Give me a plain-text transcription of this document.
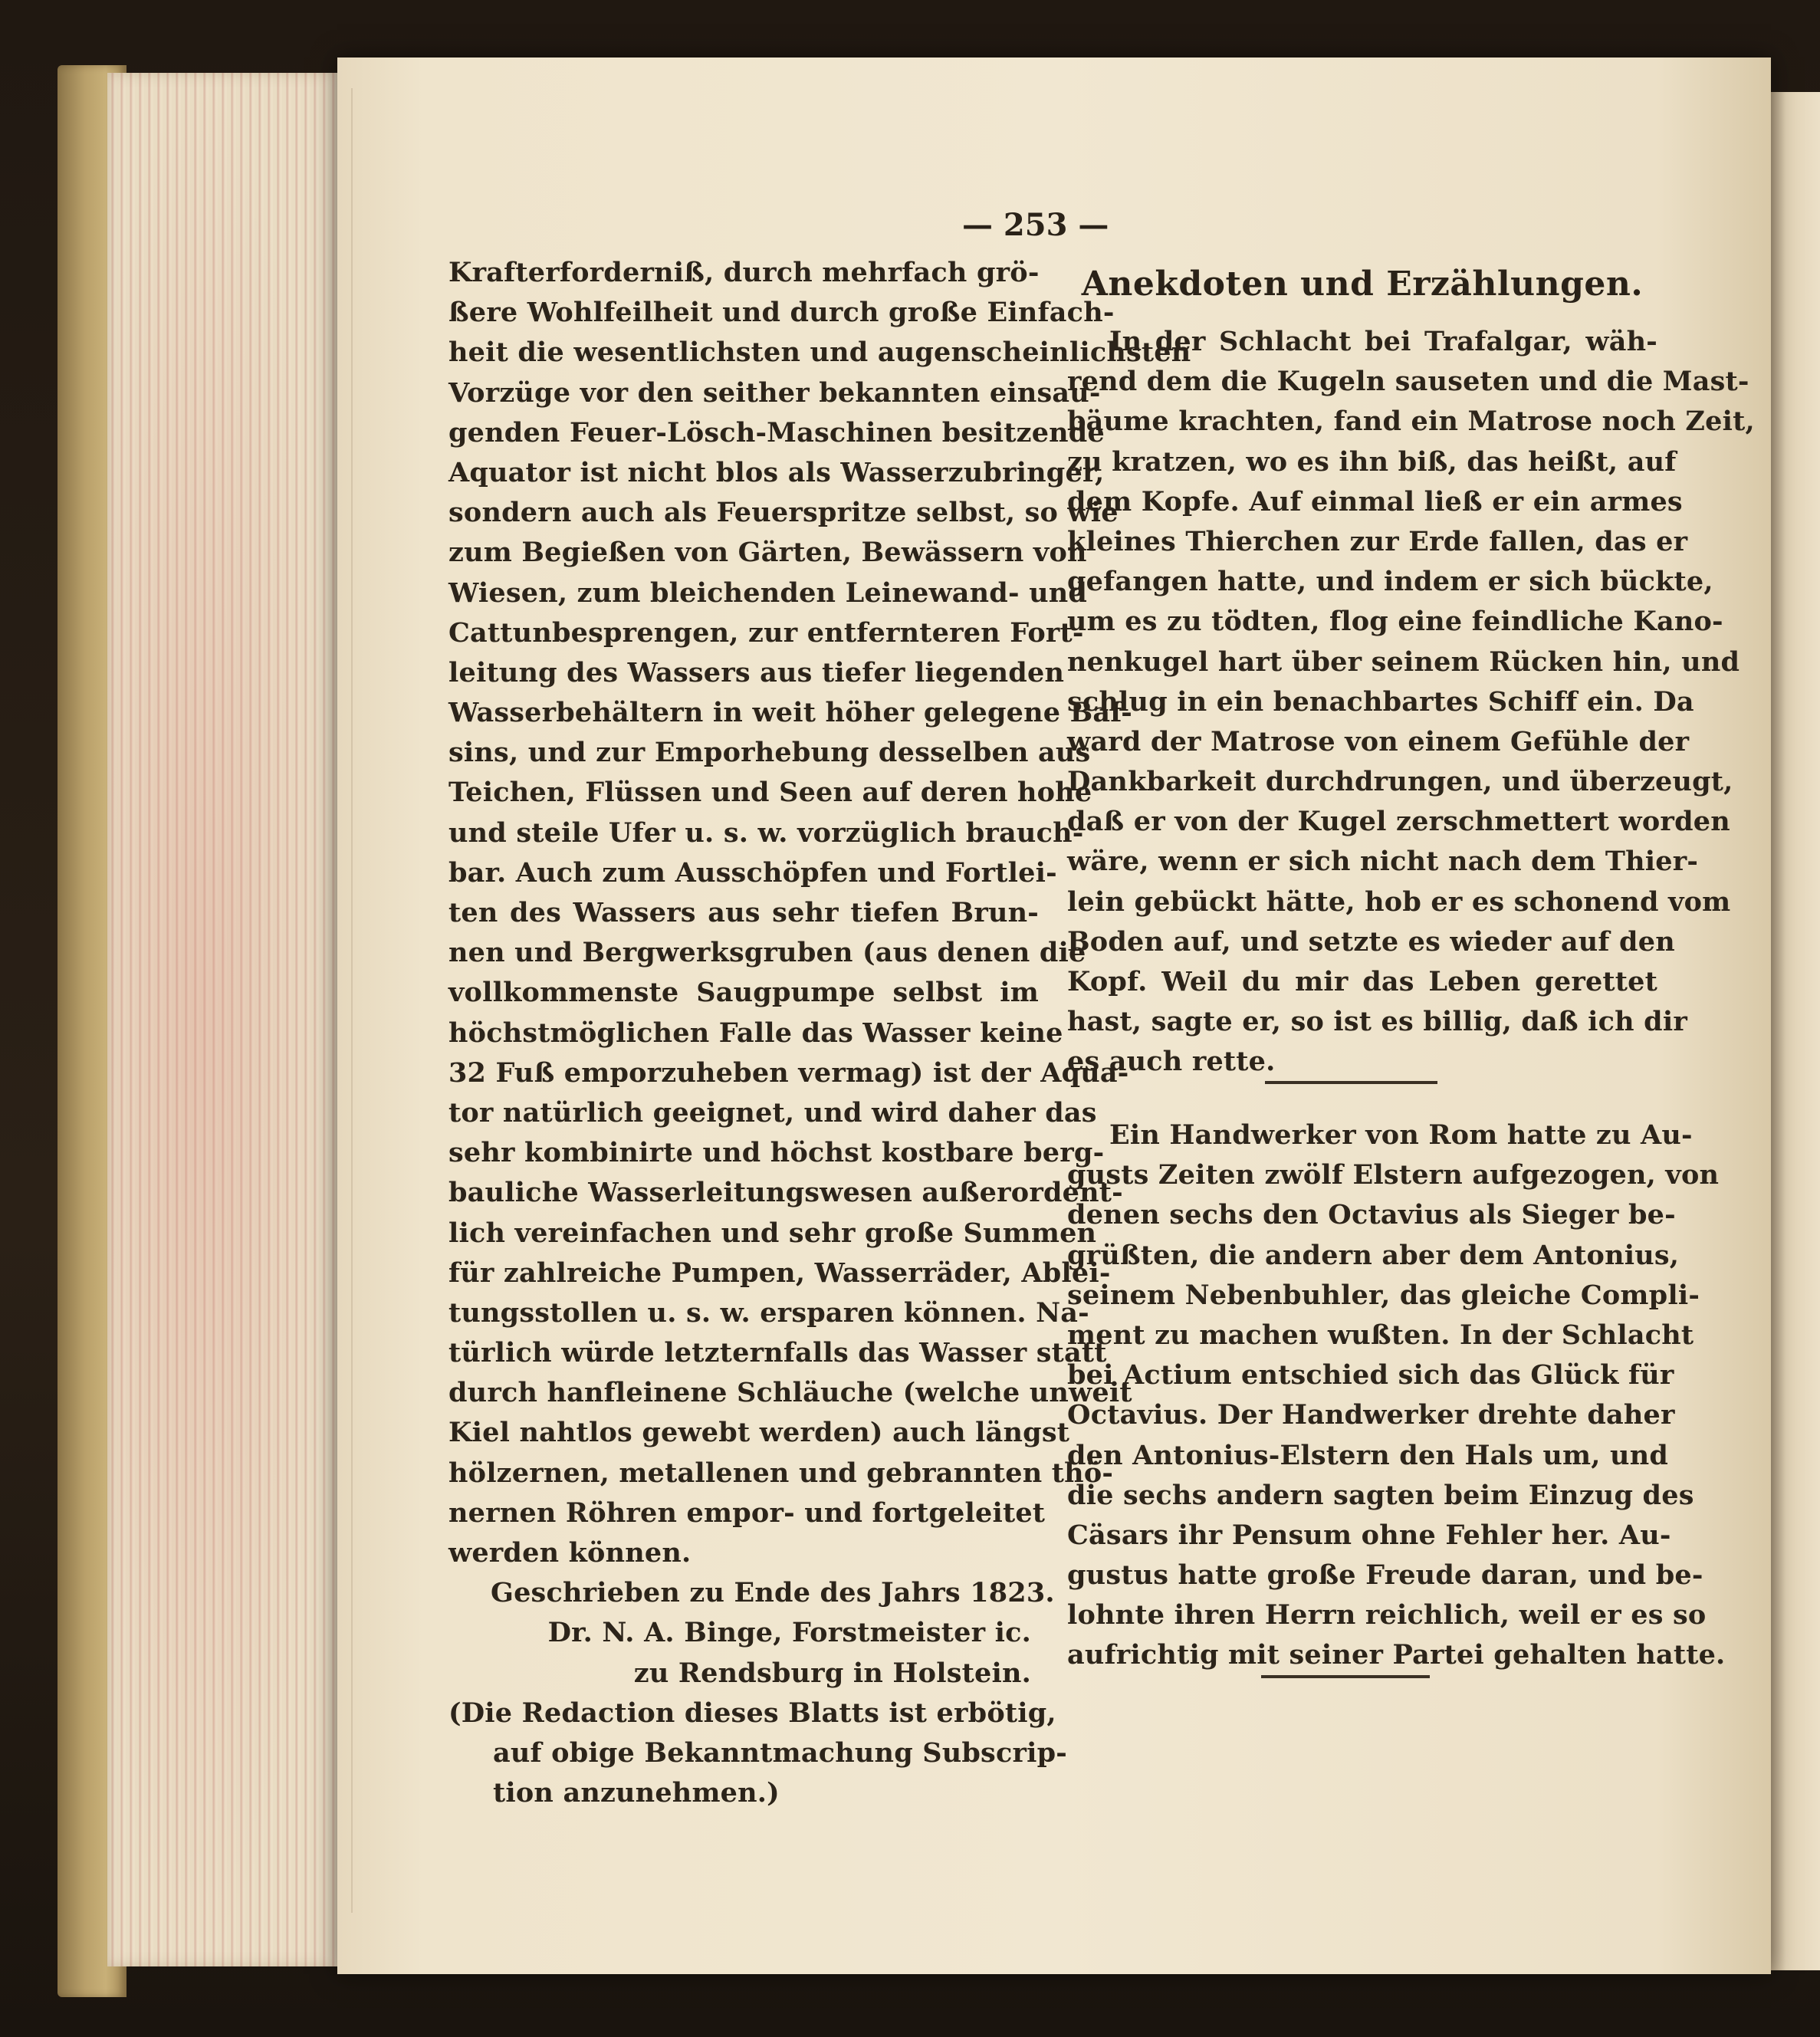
— 253 —
Krafterforderniß, durch mehrfach grö-
ßere Wohlfeilheit und durch große Einfach-
heit die wesentlichsten und augenscheinlichsten
Vorzüge vor den seither bekannten einsau-
genden Feuer-Lösch-Maschinen besitzende
Aquator ist nicht blos als Wasserzubringer,
sondern auch als Feuerspritze selbst, so wie
zum Begießen von Gärten, Bewässern von
Wiesen, zum bleichenden Leinewand- und
Cattunbesprengen, zur entfernteren Fort-
leitung des Wassers aus tiefer liegenden
Wasserbehältern in weit höher gelegene Baf-
sins, und zur Emporhebung desselben aus
Teichen, Flüssen und Seen auf deren hohe
und steile Ufer u. s. w. vorzüglich brauch-
bar. Auch zum Ausschöpfen und Fortlei-
ten des Wassers aus sehr tiefen Brun-
nen und Bergwerksgruben (aus denen die
vollkommenste Saugpumpe selbst im
höchstmöglichen Falle das Wasser keine
32 Fuß emporzuheben vermag) ist der Aqua-
tor natürlich geeignet, und wird daher das
sehr kombinirte und höchst kostbare berg-
bauliche Wasserleitungswesen außerordent-
lich vereinfachen und sehr große Summen
für zahlreiche Pumpen, Wasserräder, Ablei-
tungsstollen u. s. w. ersparen können. Na-
türlich würde letzternfalls das Wasser statt
durch hanfleinene Schläuche (welche unweit
Kiel nahtlos gewebt werden) auch längst
hölzernen, metallenen und gebrannten thö-
nernen Röhren empor- und fortgeleitet
werden können.
Geschrieben zu Ende des Jahrs 1823.
Dr. N. A. Binge, Forstmeister ic.
zu Rendsburg in Holstein.
(Die Redaction dieses Blatts ist erbötig,
auf obige Bekanntmachung Subscrip-
tion anzunehmen.)
Anekdoten und Erzählungen.
In der Schlacht bei Trafalgar, wäh-
rend dem die Kugeln sauseten und die Mast-
bäume krachten, fand ein Matrose noch Zeit,
zu kratzen, wo es ihn biß, das heißt, auf
dem Kopfe. Auf einmal ließ er ein armes
kleines Thierchen zur Erde fallen, das er
gefangen hatte, und indem er sich bückte,
um es zu tödten, flog eine feindliche Kano-
nenkugel hart über seinem Rücken hin, und
schlug in ein benachbartes Schiff ein. Da
ward der Matrose von einem Gefühle der
Dankbarkeit durchdrungen, und überzeugt,
daß er von der Kugel zerschmettert worden
wäre, wenn er sich nicht nach dem Thier-
lein gebückt hätte, hob er es schonend vom
Boden auf, und setzte es wieder auf den
Kopf. Weil du mir das Leben gerettet
hast, sagte er, so ist es billig, daß ich dir
es auch rette.
Ein Handwerker von Rom hatte zu Au-
gusts Zeiten zwölf Elstern aufgezogen, von
denen sechs den Octavius als Sieger be-
grüßten, die andern aber dem Antonius,
seinem Nebenbuhler, das gleiche Compli-
ment zu machen wußten. In der Schlacht
bei Actium entschied sich das Glück für
Octavius. Der Handwerker drehte daher
den Antonius-Elstern den Hals um, und
die sechs andern sagten beim Einzug des
Cäsars ihr Pensum ohne Fehler her. Au-
gustus hatte große Freude daran, und be-
lohnte ihren Herrn reichlich, weil er es so
aufrichtig mit seiner Partei gehalten hatte.
